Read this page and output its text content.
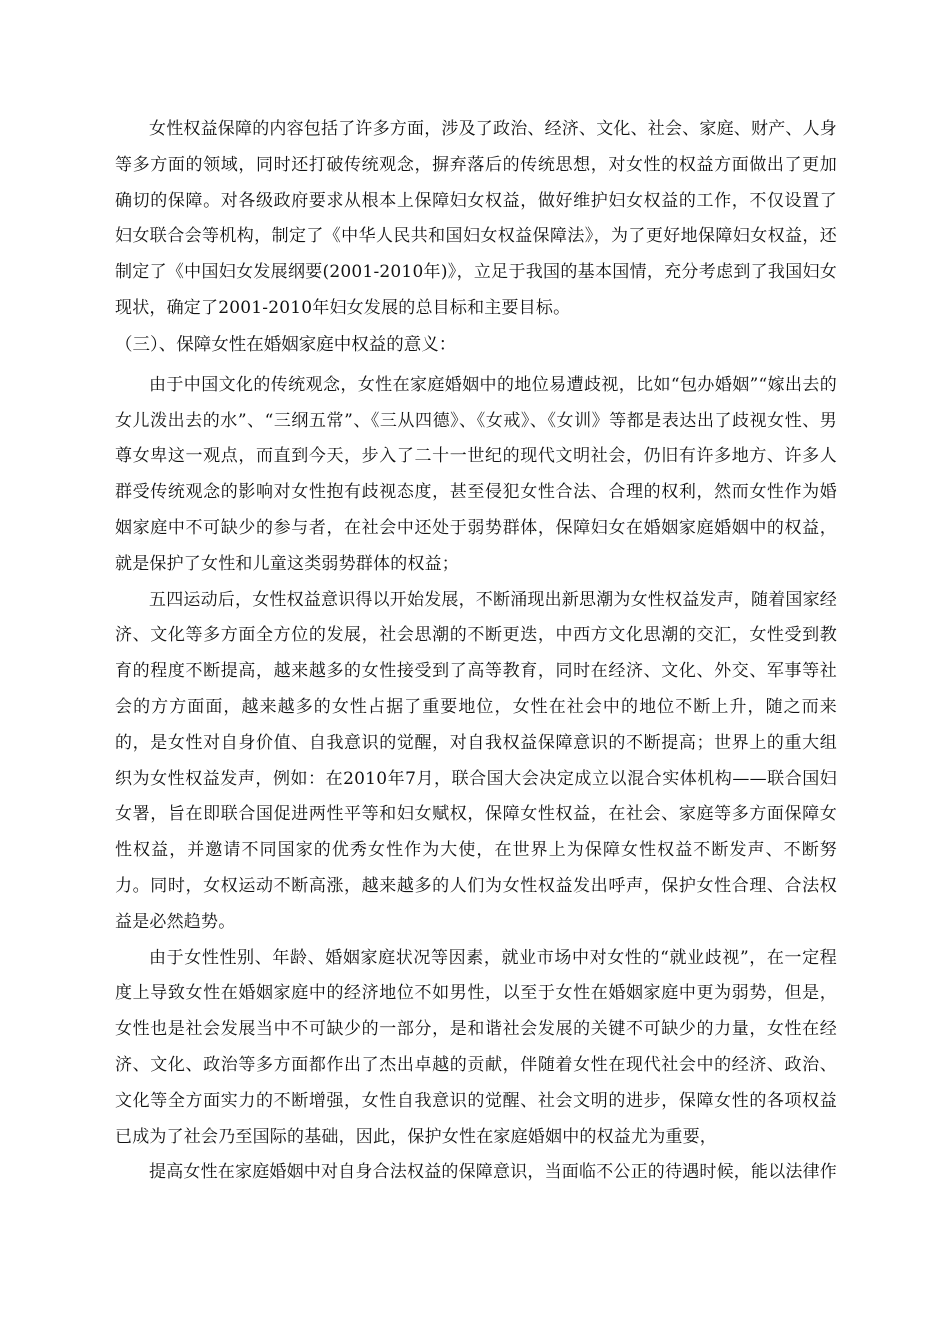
女性权益保障的内容包括了许多方面，涉及了政治、经济、文化、社会、家庭、财产、人身等多方面的领域，同时还打破传统观念，摒弃落后的传统思想，对女性的权益方面做出了更加确切的保障。对各级政府要求从根本上保障妇女权益，做好维护妇女权益的工作，不仅设置了妇女联合会等机构，制定了《中华人民共和国妇女权益保障法》，为了更好地保障妇女权益，还制定了《中国妇女发展纲要(2001-2010年)》，立足于我国的基本国情，充分考虑到了我国妇女现状，确定了2001-2010年妇女发展的总目标和主要目标。

（三）、保障女性在婚姻家庭中权益的意义：

由于中国文化的传统观念，女性在家庭婚姻中的地位易遭歧视，比如“包办婚姻”“嫁出去的女儿泼出去的水”、“三纲五常”、《三从四德》、《女戒》、《女训》等都是表达出了歧视女性、男尊女卑这一观点，而直到今天，步入了二十一世纪的现代文明社会，仍旧有许多地方、许多人群受传统观念的影响对女性抱有歧视态度，甚至侵犯女性合法、合理的权利，然而女性作为婚姻家庭中不可缺少的参与者，在社会中还处于弱势群体，保障妇女在婚姻家庭婚姻中的权益，就是保护了女性和儿童这类弱势群体的权益；

五四运动后，女性权益意识得以开始发展，不断涌现出新思潮为女性权益发声，随着国家经济、文化等多方面全方位的发展，社会思潮的不断更迭，中西方文化思潮的交汇，女性受到教育的程度不断提高，越来越多的女性接受到了高等教育，同时在经济、文化、外交、军事等社会的方方面面，越来越多的女性占据了重要地位，女性在社会中的地位不断上升，随之而来的，是女性对自身价值、自我意识的觉醒，对自我权益保障意识的不断提高；世界上的重大组织为女性权益发声，例如：在2010年7月，联合国大会决定成立以混合实体机构——联合国妇女署，旨在即联合国促进两性平等和妇女赋权，保障女性权益，在社会、家庭等多方面保障女性权益，并邀请不同国家的优秀女性作为大使，在世界上为保障女性权益不断发声、不断努力。同时，女权运动不断高涨，越来越多的人们为女性权益发出呼声，保护女性合理、合法权益是必然趋势。

由于女性性别、年龄、婚姻家庭状况等因素，就业市场中对女性的“就业歧视”，在一定程度上导致女性在婚姻家庭中的经济地位不如男性，以至于女性在婚姻家庭中更为弱势，但是，女性也是社会发展当中不可缺少的一部分，是和谐社会发展的关键不可缺少的力量，女性在经济、文化、政治等多方面都作出了杰出卓越的贡献，伴随着女性在现代社会中的经济、政治、文化等全方面实力的不断增强，女性自我意识的觉醒、社会文明的进步，保障女性的各项权益已成为了社会乃至国际的基础，因此，保护女性在家庭婚姻中的权益尤为重要，

提高女性在家庭婚姻中对自身合法权益的保障意识，当面临不公正的待遇时候，能以法律作
